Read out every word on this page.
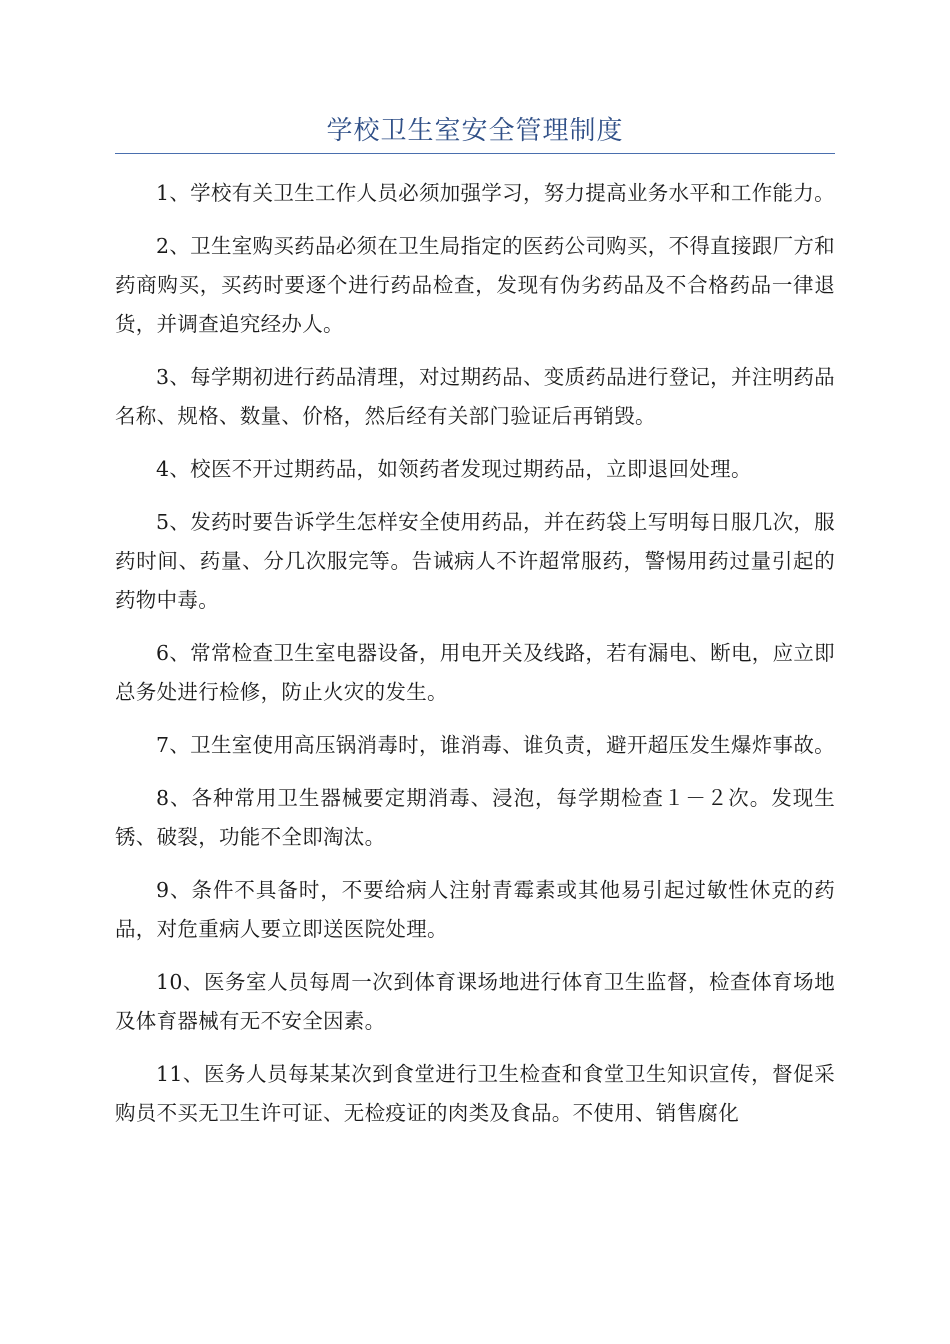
学校卫生室安全管理制度

1、学校有关卫生工作人员必须加强学习，努力提高业务水平和工作能力。

2、卫生室购买药品必须在卫生局指定的医药公司购买，不得直接跟厂方和药商购买，买药时要逐个进行药品检查，发现有伪劣药品及不合格药品一律退货，并调查追究经办人。

3、每学期初进行药品清理，对过期药品、变质药品进行登记，并注明药品名称、规格、数量、价格，然后经有关部门验证后再销毁。

4、校医不开过期药品，如领药者发现过期药品，立即退回处理。

5、发药时要告诉学生怎样安全使用药品，并在药袋上写明每日服几次，服药时间、药量、分几次服完等。告诫病人不许超常服药，警惕用药过量引起的药物中毒。

6、常常检查卫生室电器设备，用电开关及线路，若有漏电、断电，应立即总务处进行检修，防止火灾的发生。

7、卫生室使用高压锅消毒时，谁消毒、谁负责，避开超压发生爆炸事故。

8、各种常用卫生器械要定期消毒、浸泡，每学期检查１－２次。发现生锈、破裂，功能不全即淘汰。

9、条件不具备时，不要给病人注射青霉素或其他易引起过敏性休克的药品，对危重病人要立即送医院处理。

10、医务室人员每周一次到体育课场地进行体育卫生监督，检查体育场地及体育器械有无不安全因素。

11、医务人员每某某次到食堂进行卫生检查和食堂卫生知识宣传，督促采购员不买无卫生许可证、无检疫证的肉类及食品。不使用、销售腐化
